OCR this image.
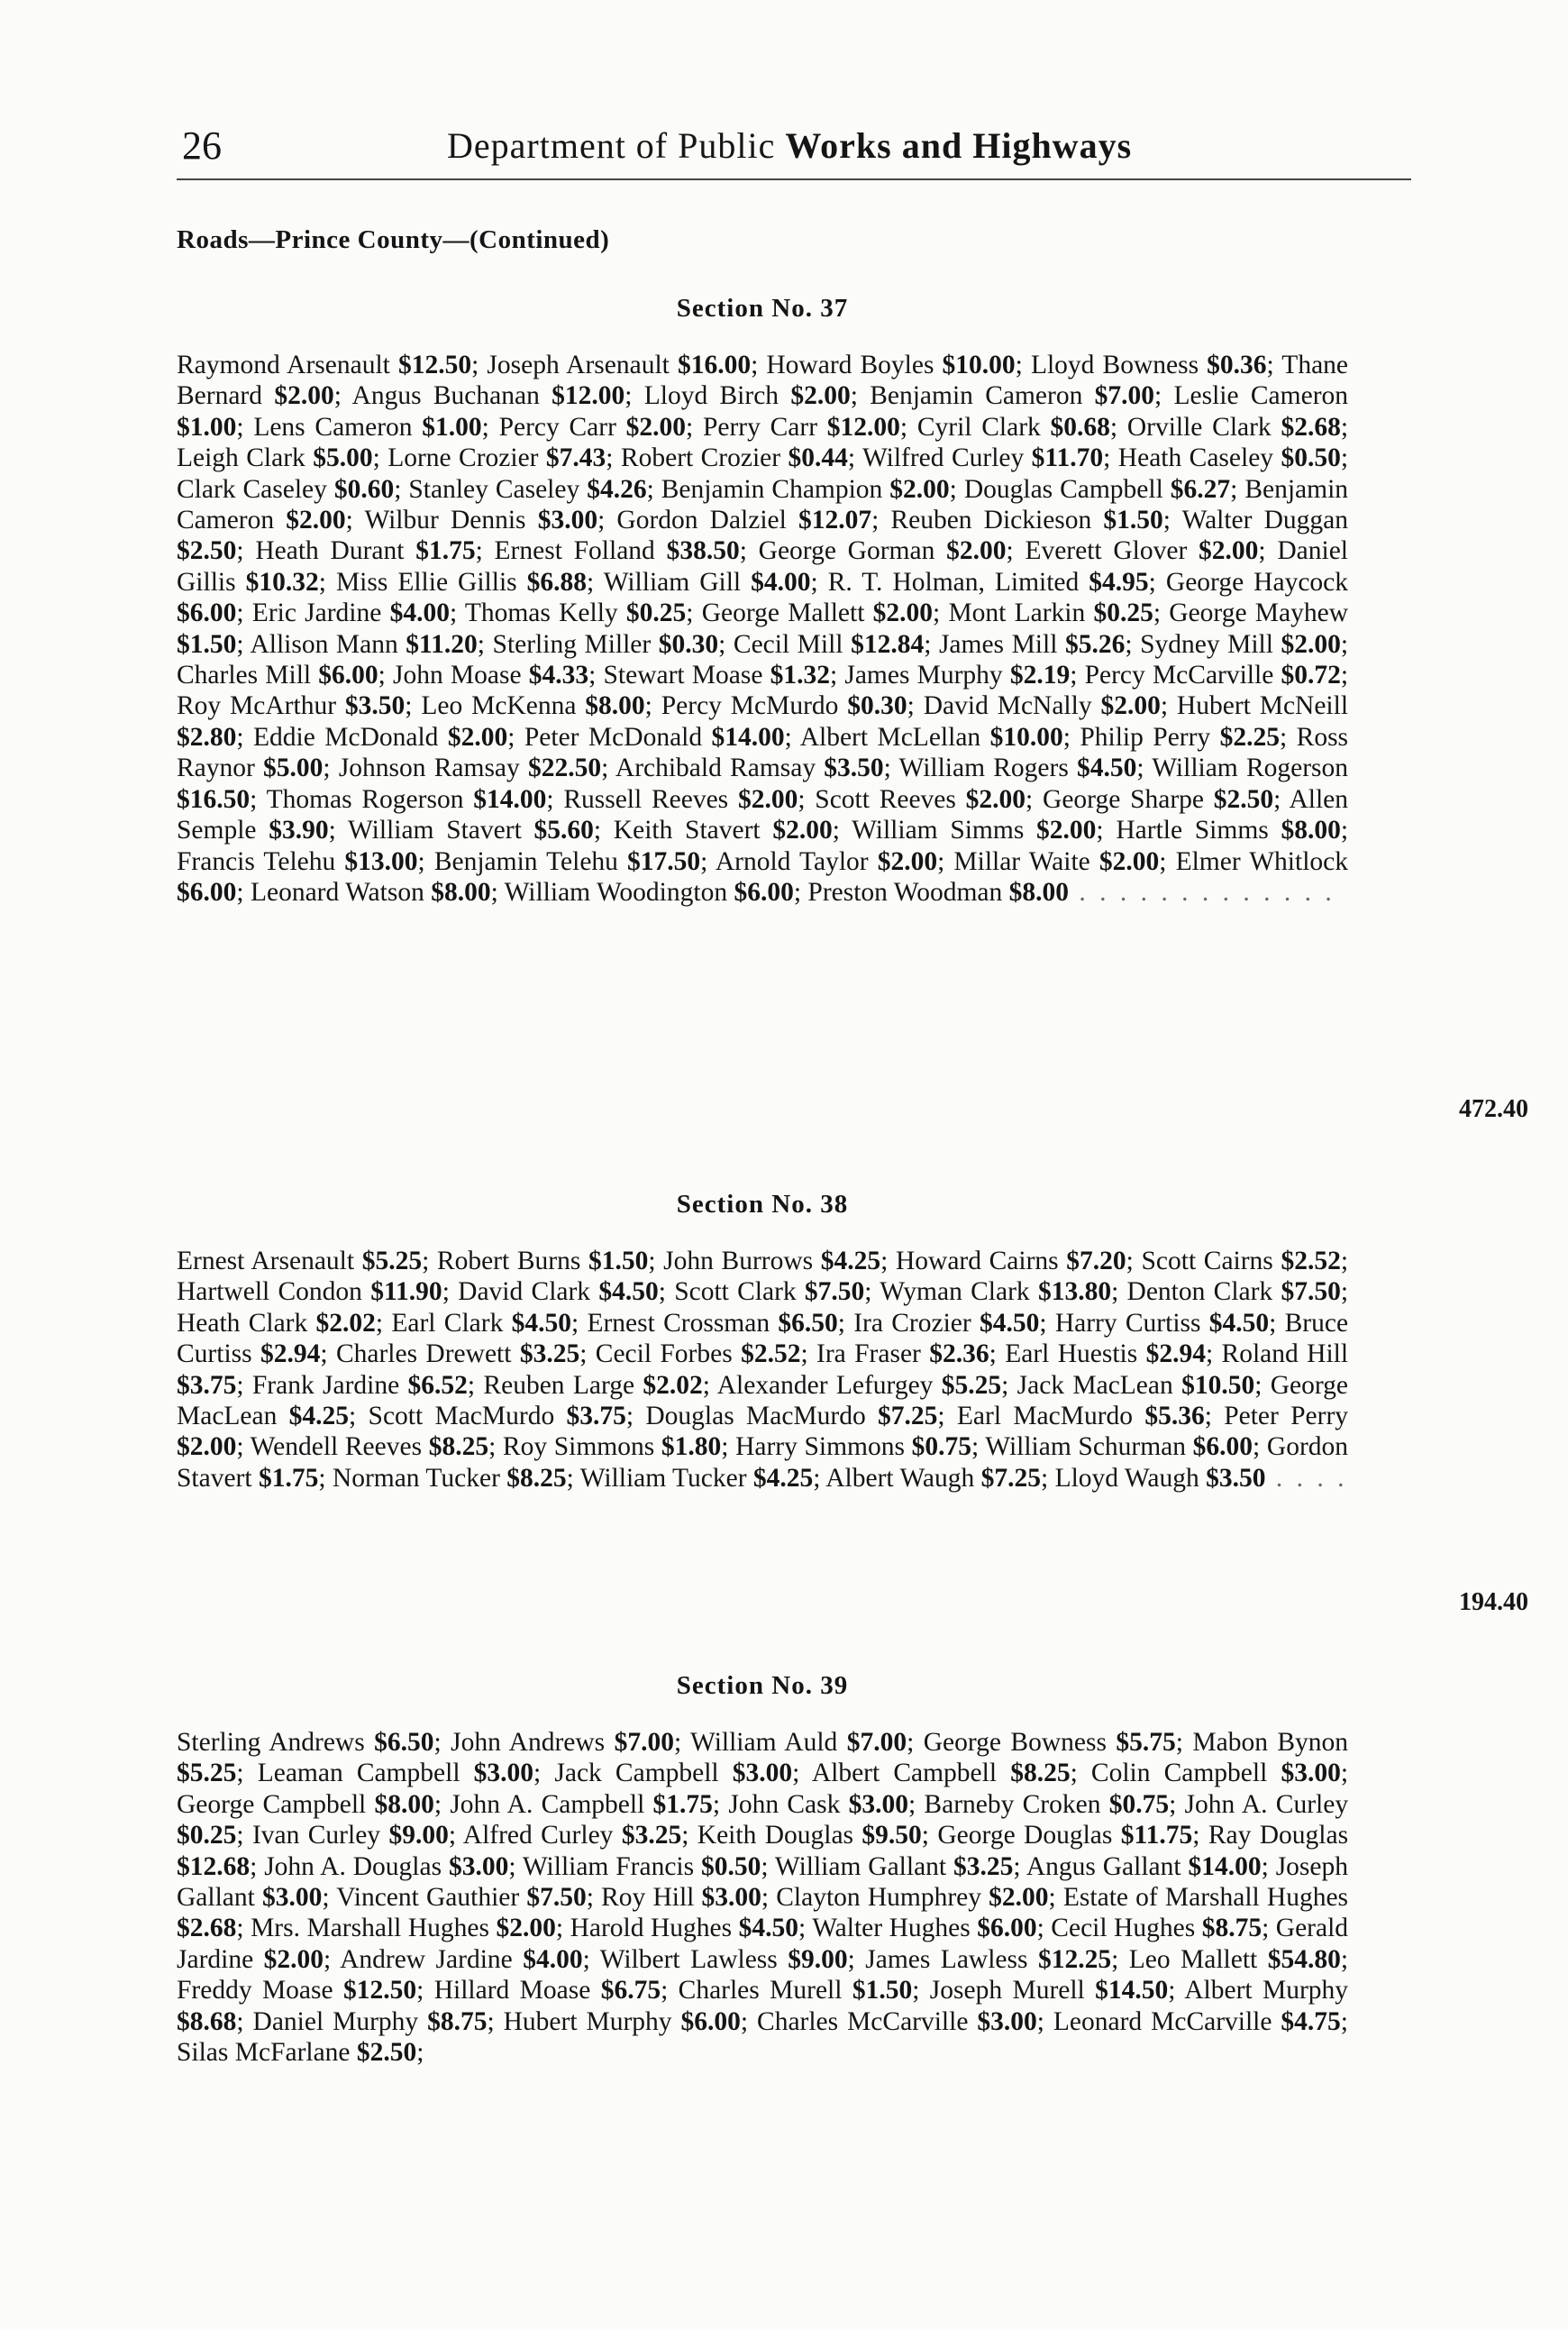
26	Department of Public Works and Highways
Roads—Prince County—(Continued)
Section No. 37
Raymond Arsenault $12.50; Joseph Arsenault $16.00; Howard Boyles $10.00; Lloyd Bowness $0.36; Thane Bernard $2.00; Angus Buchanan $12.00; Lloyd Birch $2.00; Benjamin Cameron $7.00; Leslie Cameron $1.00; Lens Cameron $1.00; Percy Carr $2.00; Perry Carr $12.00; Cyril Clark $0.68; Orville Clark $2.68; Leigh Clark $5.00; Lorne Crozier $7.43; Robert Crozier $0.44; Wilfred Curley $11.70; Heath Caseley $0.50; Clark Caseley $0.60; Stanley Caseley $4.26; Benjamin Champion $2.00; Douglas Campbell $6.27; Benjamin Cameron $2.00; Wilbur Dennis $3.00; Gordon Dalziel $12.07; Reuben Dickieson $1.50; Walter Duggan $2.50; Heath Durant $1.75; Ernest Folland $38.50; George Gorman $2.00; Everett Glover $2.00; Daniel Gillis $10.32; Miss Ellie Gillis $6.88; William Gill $4.00; R. T. Holman, Limited $4.95; George Haycock $6.00; Eric Jardine $4.00; Thomas Kelly $0.25; George Mallett $2.00; Mont Larkin $0.25; George Mayhew $1.50; Allison Mann $11.20; Sterling Miller $0.30; Cecil Mill $12.84; James Mill $5.26; Sydney Mill $2.00; Charles Mill $6.00; John Moase $4.33; Stewart Moase $1.32; James Murphy $2.19; Percy McCarville $0.72; Roy McArthur $3.50; Leo McKenna $8.00; Percy McMurdo $0.30; David McNally $2.00; Hubert McNeill $2.80; Eddie McDonald $2.00; Peter McDonald $14.00; Albert McLellan $10.00; Philip Perry $2.25; Ross Raynor $5.00; Johnson Ramsay $22.50; Archibald Ramsay $3.50; William Rogers $4.50; William Rogerson $16.50; Thomas Rogerson $14.00; Russell Reeves $2.00; Scott Reeves $2.00; George Sharpe $2.50; Allen Semple $3.90; William Stavert $5.60; Keith Stavert $2.00; William Simms $2.00; Hartle Simms $8.00; Francis Telehu $13.00; Benjamin Telehu $17.50; Arnold Taylor $2.00; Millar Waite $2.00; Elmer Whitlock $6.00; Leonard Watson $8.00; William Woodington $6.00; Preston Woodman $8.00 . . . . . . . . . . . . .
472.40
Section No. 38
Ernest Arsenault $5.25; Robert Burns $1.50; John Burrows $4.25; Howard Cairns $7.20; Scott Cairns $2.52; Hartwell Condon $11.90; David Clark $4.50; Scott Clark $7.50; Wyman Clark $13.80; Denton Clark $7.50; Heath Clark $2.02; Earl Clark $4.50; Ernest Crossman $6.50; Ira Crozier $4.50; Harry Curtiss $4.50; Bruce Curtiss $2.94; Charles Drewett $3.25; Cecil Forbes $2.52; Ira Fraser $2.36; Earl Huestis $2.94; Roland Hill $3.75; Frank Jardine $6.52; Reuben Large $2.02; Alexander Lefurgey $5.25; Jack MacLean $10.50; George MacLean $4.25; Scott MacMurdo $3.75; Douglas MacMurdo $7.25; Earl MacMurdo $5.36; Peter Perry $2.00; Wendell Reeves $8.25; Roy Simmons $1.80; Harry Simmons $0.75; William Schurman $6.00; Gordon Stavert $1.75; Norman Tucker $8.25; William Tucker $4.25; Albert Waugh $7.25; Lloyd Waugh $3.50 . . . .
194.40
Section No. 39
Sterling Andrews $6.50; John Andrews $7.00; William Auld $7.00; George Bowness $5.75; Mabon Bynon $5.25; Leaman Campbell $3.00; Jack Campbell $3.00; Albert Campbell $8.25; Colin Campbell $3.00; George Campbell $8.00; John A. Campbell $1.75; John Cask $3.00; Barneby Croken $0.75; John A. Curley $0.25; Ivan Curley $9.00; Alfred Curley $3.25; Keith Douglas $9.50; George Douglas $11.75; Ray Douglas $12.68; John A. Douglas $3.00; William Francis $0.50; William Gallant $3.25; Angus Gallant $14.00; Joseph Gallant $3.00; Vincent Gauthier $7.50; Roy Hill $3.00; Clayton Humphrey $2.00; Estate of Marshall Hughes $2.68; Mrs. Marshall Hughes $2.00; Harold Hughes $4.50; Walter Hughes $6.00; Cecil Hughes $8.75; Gerald Jardine $2.00; Andrew Jardine $4.00; Wilbert Lawless $9.00; James Lawless $12.25; Leo Mallett $54.80; Freddy Moase $12.50; Hillard Moase $6.75; Charles Murell $1.50; Joseph Murell $14.50; Albert Murphy $8.68; Daniel Murphy $8.75; Hubert Murphy $6.00; Charles McCarville $3.00; Leonard McCarville $4.75; Silas McFarlane $2.50;
